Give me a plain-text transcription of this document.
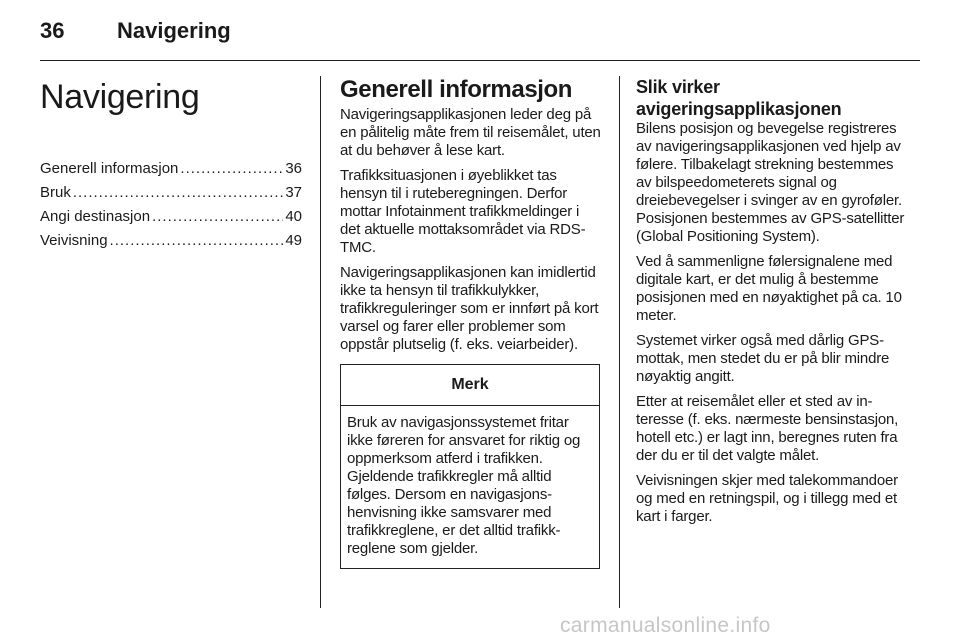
36 Navigering
Navigering
Generell informasjon .....	36
Bruk .....	37
Angi destinasjon .....	40
Veivisning .....	49
Generell informasjon

Navigeringsapplikasjonen leder deg på en pålitelig måte frem til reisemålet, uten at du behøver å lese kart.

Trafikksituasjonen i øyeblikket tas hensyn til i ruteberegningen. Derfor mottar Infotainment trafikkmeldinger i det aktuelle mottaksområdet via RDS-TMC.

Navigeringsapplikasjonen kan imidlertid ikke ta hensyn til trafikkulykker, trafikkreguleringer som er innført på kort varsel og farer eller problemer som oppstår plutselig (f. eks. veiarbeider).

Merk
Bruk av navigasjonssystemet fritar ikke føreren for ansvaret for riktig og oppmerksom atferd i trafikken. Gjeldende trafikkregler må alltid følges. Dersom en navigasjonshenvisning ikke samsvarer med trafikkreglene, er det alltid trafikkreglene som gjelder.
Slik virker
avigeringsapplikasjonen

Bilens posisjon og bevegelse registreres av navigeringsapplikasjonen ved hjelp av følere. Tilbakelagt strekning bestemmes av bilspeedometerets signal og dreiebevegelser i svinger av en gyroføler. Posisjonen bestemmes av GPS-satellitter (Global Positioning System).

Ved å sammenligne følersignalene med digitale kart, er det mulig å bestemme posisjonen med en nøyaktighet på ca. 10 meter.

Systemet virker også med dårlig GPS-mottak, men stedet du er på blir mindre nøyaktig angitt.

Etter at reisemålet eller et sted av interesse (f. eks. nærmeste bensinstasjon, hotell etc.) er lagt inn, beregnes ruten fra der du er til det valgte målet.

Veivisningen skjer med talekommandoer og med en retningspil, og i tillegg med et kart i farger.

carmanualsonline.info
